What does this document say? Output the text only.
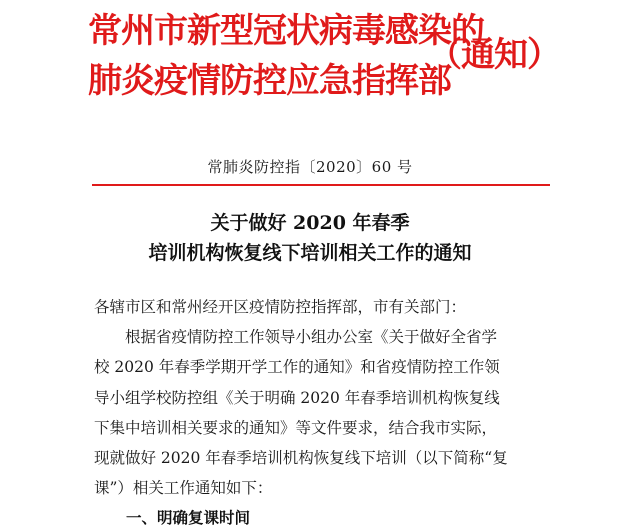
常州市新型冠状病毒感染的
肺炎疫情防控应急指挥部
（通知）
常肺炎防控指〔2020〕60 号
关于做好 2020 年春季
培训机构恢复线下培训相关工作的通知
各辖市区和常州经开区疫情防控指挥部，市有关部门：
　　根据省疫情防控工作领导小组办公室《关于做好全省学
校 2020 年春季学期开学工作的通知》和省疫情防控工作领
导小组学校防控组《关于明确 2020 年春季培训机构恢复线
下集中培训相关要求的通知》等文件要求，结合我市实际，
现就做好 2020 年春季培训机构恢复线下培训（以下简称“复
课”）相关工作通知如下：
一、明确复课时间
